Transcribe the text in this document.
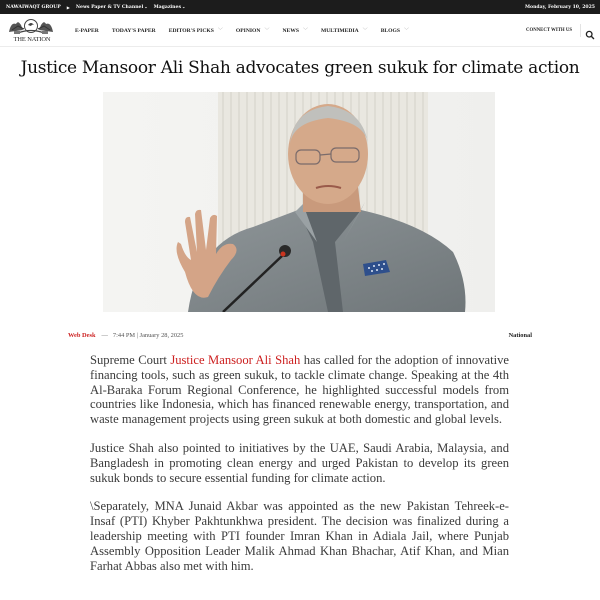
NAWAIWAQT GROUP ▶ News Paper & TV Channel⌄ Magazines⌄	Monday, February 10, 2025
THE NATION
E-PAPER TODAY'S PAPER EDITOR'S PICKS ﹀ OPINION ﹀ NEWS ﹀ MULTIMEDIA ﹀ BLOGS ﹀	CONNECT WITH US
Justice Mansoor Ali Shah advocates green sukuk for climate action
Web Desk — 7:44 PM | January 28, 2025	National

Supreme Court Justice Mansoor Ali Shah has called for the adoption of innovative financing tools, such as green sukuk, to tackle climate change. Speaking at the 4th Al-Baraka Forum Regional Conference, he highlighted successful models from countries like Indonesia, which has financed renewable energy, transportation, and waste management projects using green sukuk at both domestic and global levels.

Justice Shah also pointed to initiatives by the UAE, Saudi Arabia, Malaysia, and Bangladesh in promoting clean energy and urged Pakistan to develop its green sukuk bonds to secure essential funding for climate action.

\Separately, MNA Junaid Akbar was appointed as the new Pakistan Tehreek-e-Insaf (PTI) Khyber Pakhtunkhwa president. The decision was finalized during a leadership meeting with PTI founder Imran Khan in Adiala Jail, where Punjab Assembly Opposition Leader Malik Ahmad Khan Bhachar, Atif Khan, and Mian Farhat Abbas also met with him.
